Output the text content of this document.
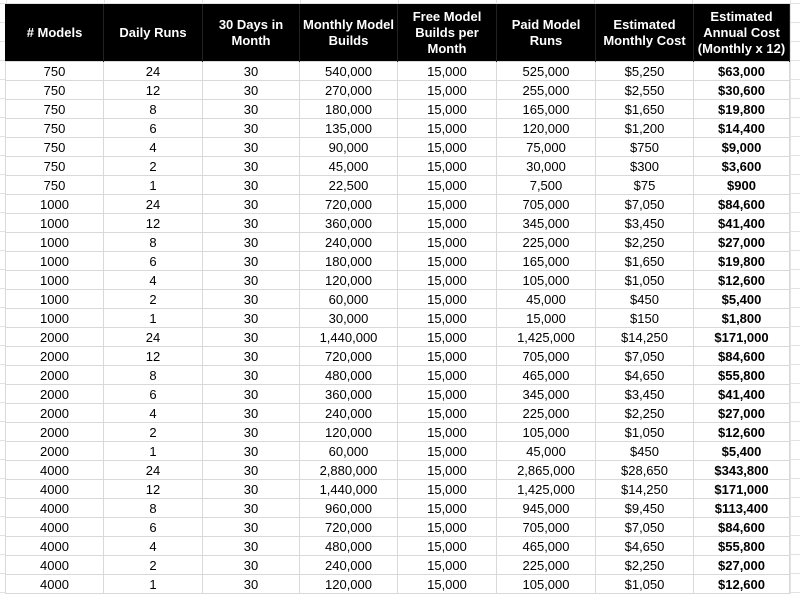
# Models	Daily Runs	30 Days in Month	Monthly Model Builds	Free Model Builds per Month	Paid Model Runs	Estimated Monthly Cost	Estimated Annual Cost (Monthly x 12)
750	24	30	540,000	15,000	525,000	$5,250	$63,000
750	12	30	270,000	15,000	255,000	$2,550	$30,600
750	8	30	180,000	15,000	165,000	$1,650	$19,800
750	6	30	135,000	15,000	120,000	$1,200	$14,400
750	4	30	90,000	15,000	75,000	$750	$9,000
750	2	30	45,000	15,000	30,000	$300	$3,600
750	1	30	22,500	15,000	7,500	$75	$900
1000	24	30	720,000	15,000	705,000	$7,050	$84,600
1000	12	30	360,000	15,000	345,000	$3,450	$41,400
1000	8	30	240,000	15,000	225,000	$2,250	$27,000
1000	6	30	180,000	15,000	165,000	$1,650	$19,800
1000	4	30	120,000	15,000	105,000	$1,050	$12,600
1000	2	30	60,000	15,000	45,000	$450	$5,400
1000	1	30	30,000	15,000	15,000	$150	$1,800
2000	24	30	1,440,000	15,000	1,425,000	$14,250	$171,000
2000	12	30	720,000	15,000	705,000	$7,050	$84,600
2000	8	30	480,000	15,000	465,000	$4,650	$55,800
2000	6	30	360,000	15,000	345,000	$3,450	$41,400
2000	4	30	240,000	15,000	225,000	$2,250	$27,000
2000	2	30	120,000	15,000	105,000	$1,050	$12,600
2000	1	30	60,000	15,000	45,000	$450	$5,400
4000	24	30	2,880,000	15,000	2,865,000	$28,650	$343,800
4000	12	30	1,440,000	15,000	1,425,000	$14,250	$171,000
4000	8	30	960,000	15,000	945,000	$9,450	$113,400
4000	6	30	720,000	15,000	705,000	$7,050	$84,600
4000	4	30	480,000	15,000	465,000	$4,650	$55,800
4000	2	30	240,000	15,000	225,000	$2,250	$27,000
4000	1	30	120,000	15,000	105,000	$1,050	$12,600
